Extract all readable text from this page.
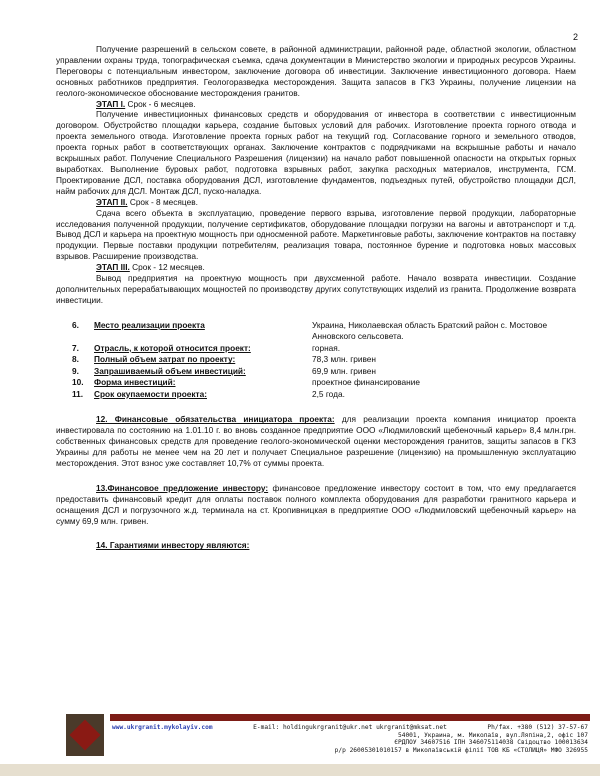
2

Получение разрешений в сельском совете, в районной администрации, районной раде, областной экологии, областном управлении охраны труда, топографическая съемка, сдача документации в Министерство экологии и природных ресурсов Украины. Переговоры с потенциальным инвестором, заключение договора об инвестиции. Заключение инвестиционного договора. Наем основных работников предприятия. Геологоразведка месторождения. Защита запасов в ГКЗ Украины, получение лицензии на геолого-экономическое обоснование месторождения гранитов.

ЭТАП I. Срок - 6 месяцев.

Получение инвестиционных финансовых средств и оборудования от инвестора в соответствии с инвестиционным договором. Обустройство площадки карьера, создание бытовых условий для рабочих. Изготовление проекта горного отвода и проекта земельного отвода. Изготовление проекта горных работ на текущий год. Согласование горного и земельного отводов, проекта горных работ в соответствующих органах. Заключение контрактов с подрядчиками на вскрышные работы и начало вскрышных работ. Получение Специального Разрешения (лицензии) на начало работ повышенной опасности на открытых горных выработках. Выполнение буровых работ, подготовка взрывных работ, закупка расходных материалов, инструмента, ГСМ. Проектирование ДСЛ, поставка оборудования ДСЛ, изготовление фундаментов, подъездных путей, обустройство площадки ДСЛ, найм рабочих для ДСЛ. Монтаж ДСЛ, пуско-наладка.

ЭТАП II. Срок - 8 месяцев.

Сдача всего объекта в эксплуатацию, проведение первого взрыва, изготовление первой продукции, лабораторные исследования полученной продукции, получение сертификатов, оборудование площадки погрузки на вагоны и автотранспорт и т.д. Вывод ДСЛ и карьера на проектную мощность при односменной работе. Маркетинговые работы, заключение контрактов на поставку продукции. Первые поставки продукции потребителям, реализация товара, постоянное бурение и подготовка новых массовых взрывов. Расширение производства.

ЭТАП III. Срок - 12 месяцев.

Вывод предприятия на проектную мощность при двухсменной работе. Начало возврата инвестиции. Создание дополнительных перерабатывающих мощностей по производству других сопутствующих изделий из гранита. Продолжение возврата инвестиции.

6.	Место реализации проекта	Украина, Николаевская область Братский район с. Мостовое Анновского сельсовета.
7.	Отрасль, к которой относится проект:	горная.
8.	Полный объем затрат по проекту:	78,3 млн. гривен
9.	Запрашиваемый объем инвестиций:	69,9 млн. гривен
10.	Форма инвестиций:	проектное финансирование
11.	Срок окупаемости проекта:	2,5 года.

12. Финансовые обязательства инициатора проекта: для реализации проекта компания инициатор проекта инвестировала по состоянию на 1.01.10 г. во вновь созданное предприятие ООО «Людмиловский щебеночный карьер» 8,4 млн.грн. собственных финансовых средств для проведение геолого-экономической оценки месторождения гранитов, защиты запасов в ГКЗ Украины для работы не менее чем на 20 лет и получает Специальное разрешение (лицензию) на промышленную эксплуатацию месторождения. Этот взнос уже составляет 10,7% от суммы проекта.

13.Финансовое предложение инвестору: финансовое предложение инвестору состоит в том, что ему предлагается предоставить финансовый кредит для оплаты поставок полного комплекта оборудования для разработки гранитного карьера и оснащения ДСЛ и погрузочного ж.д. терминала на ст. Кропивницкая в предприятие ООО «Людмиловский щебеночный карьер» на сумму 69,9 млн. гривен.

14. Гарантиями инвестору являются:

www.ukrgranit.mykolayiv.com	E-mail: holdingukrgranit@ukr.net ukrgranit@mksat.net	Ph/fax. +380 (512) 37-57-67
54001, Украина, м. Миколаїв, вул.Ляпіна,2, офіс 107
ЄРДПОУ 34607516 ІПН 346075114038 Свідоцтво 100013634
р/р 26005301010157 в Миколаївській філії ТОВ КБ «СТОЛИЦЯ» МФО 326955
